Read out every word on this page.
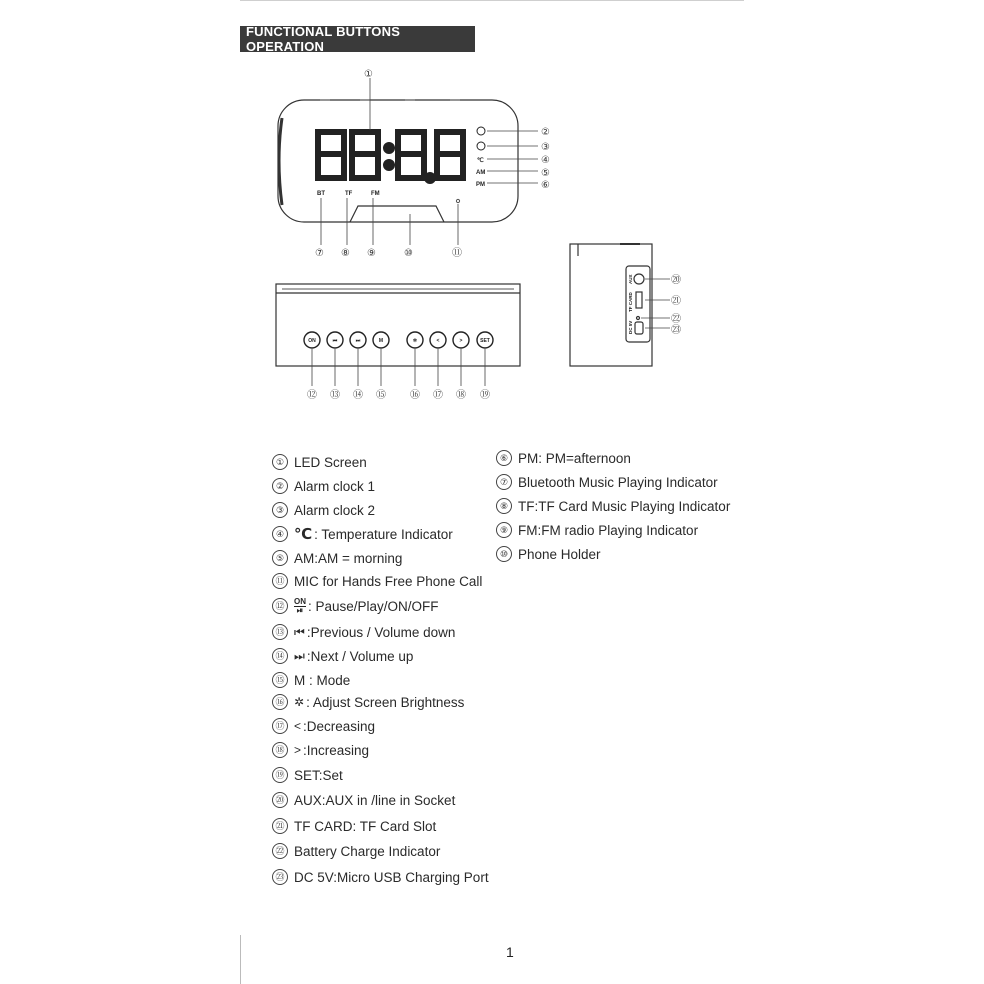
FUNCTIONAL BUTTONS OPERATION
℃
AM
PM
BT	TF	FM
①
②
③
④
⑤
⑥
⑦ ⑧ ⑨	⑩	⑪
ON	⏮	⏭	M	✲	<	>	SET
⑫ ⑬ ⑭ ⑮ ⑯ ⑰ ⑱ ⑲
AUX
TF CARD
DC 5V
⑳
㉑
㉒
㉓
① LED Screen
② Alarm clock 1
③ Alarm clock 2
④ ℃ : Temperature Indicator
⑤ AM:AM = morning
⑪ MIC for Hands Free Phone Call
⑫	ON
⏯ : Pause/Play/ON/OFF
⑬ ⏮ :Previous / Volume down
⑭ ⏭ :Next / Volume up
⑮ M : Mode
⑯ ✲ : Adjust Screen Brightness
⑰ < :Decreasing
⑱ > :Increasing
⑲ SET:Set
⑳ AUX:AUX in /line in Socket
㉑ TF CARD: TF Card Slot
㉒ Battery Charge Indicator
㉓ DC 5V:Micro USB Charging Port
⑥ PM: PM=afternoon
⑦ Bluetooth Music Playing Indicator
⑧ TF:TF Card Music Playing Indicator
⑨ FM:FM radio Playing Indicator
⑩ Phone Holder
1
